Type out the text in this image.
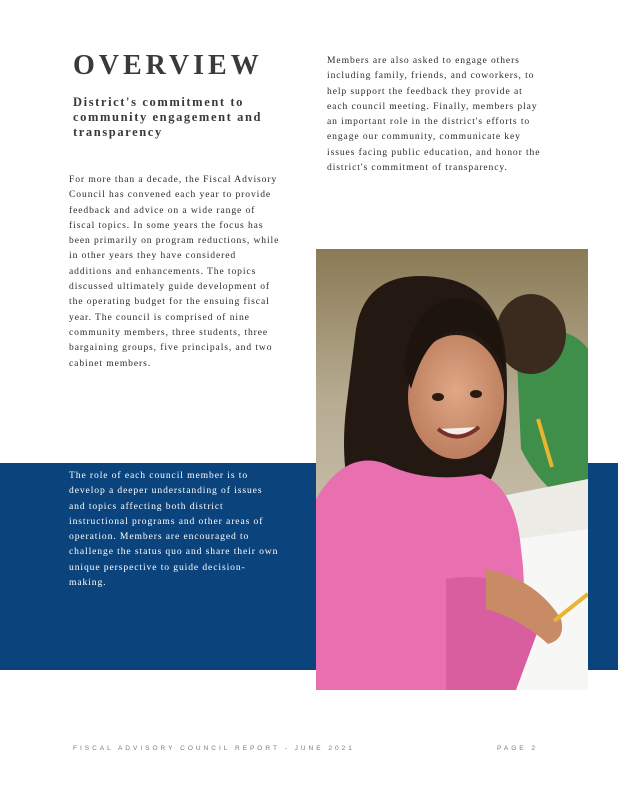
OVERVIEW
District's commitment to community engagement and transparency

For more than a decade, the Fiscal Advisory Council has convened each year to provide feedback and advice on a wide range of fiscal topics. In some years the focus has been primarily on program reductions, while in other years they have considered additions and enhancements. The topics discussed ultimately guide development of the operating budget for the ensuing fiscal year. The council is comprised of nine community members, three students, three bargaining groups, five principals, and two cabinet members.

The role of each council member is to develop a deeper understanding of issues and topics affecting both district instructional programs and other areas of operation. Members are encouraged to challenge the status quo and share their own unique perspective to guide decision-making.

Members are also asked to engage others including family, friends, and coworkers, to help support the feedback they provide at each council meeting. Finally, members play an important role in the district's efforts to engage our community, communicate key issues facing public education, and honor the district's commitment of transparency.

FISCAL ADVISORY COUNCIL REPORT - JUNE 2021	PAGE 2
